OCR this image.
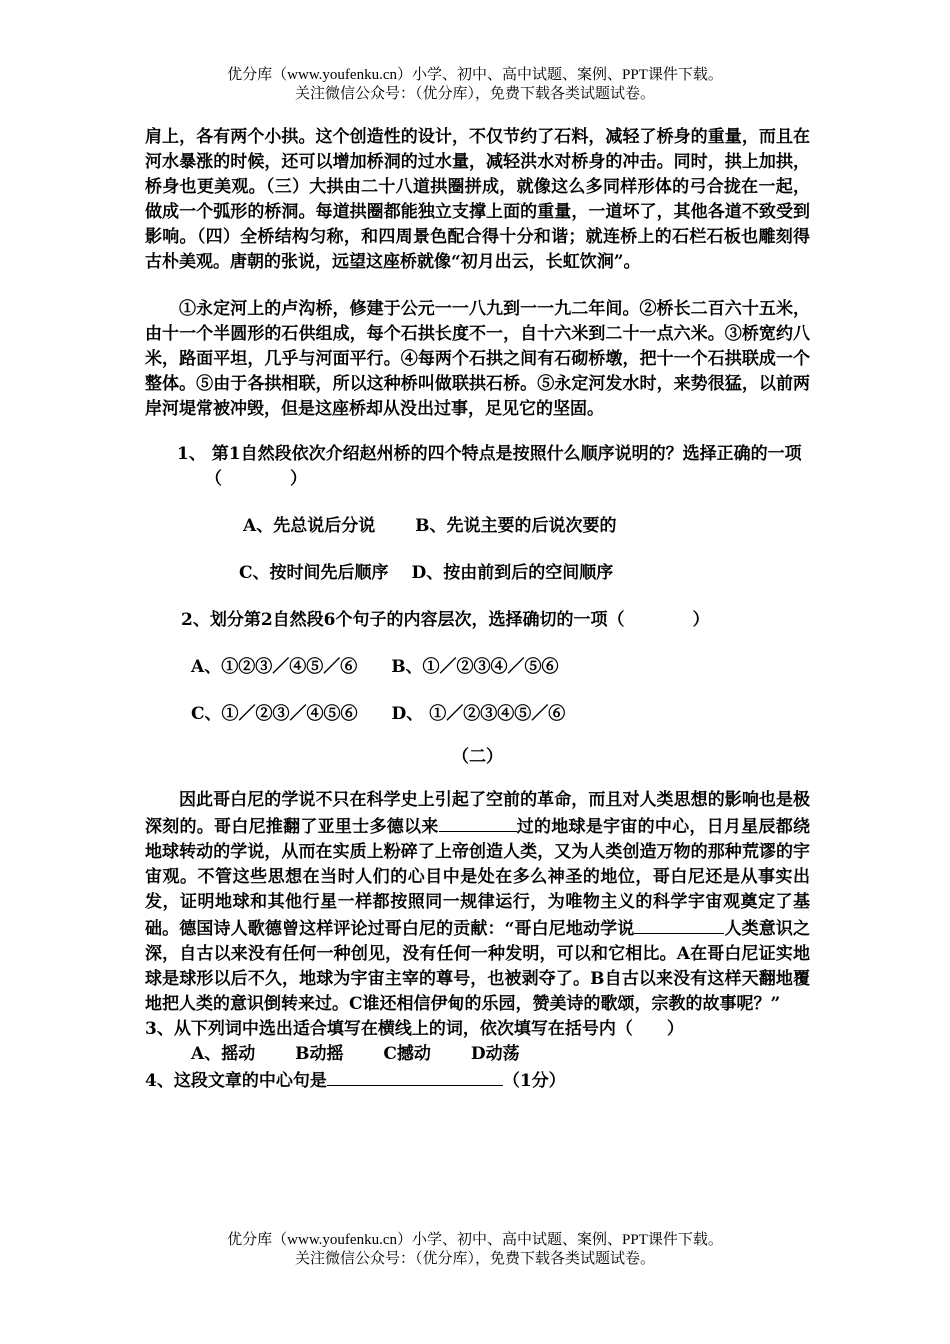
优分库（www.youfenku.cn）小学、初中、高中试题、案例、PPT课件下载。
关注微信公众号：（优分库），免费下载各类试题试卷。

肩上，各有两个小拱。这个创造性的设计，不仅节约了石料，减轻了桥身的重量，而且在河水暴涨的时候，还可以增加桥洞的过水量，减轻洪水对桥身的冲击。同时，拱上加拱，桥身也更美观。（三）大拱由二十八道拱圈拼成，就像这么多同样形体的弓合拢在一起，做成一个弧形的桥洞。每道拱圈都能独立支撑上面的重量，一道坏了，其他各道不致受到影响。（四）全桥结构匀称，和四周景色配合得十分和谐；就连桥上的石栏石板也雕刻得古朴美观。唐朝的张说，远望这座桥就像“初月出云，长虹饮涧”。

①永定河上的卢沟桥，修建于公元一一八九到一一九二年间。②桥长二百六十五米，由十一个半圆形的石供组成，每个石拱长度不一，自十六米到二十一点六米。③桥宽约八米，路面平坦，几乎与河面平行。④每两个石拱之间有石砌桥墩，把十一个石拱联成一个整体。⑤由于各拱相联，所以这种桥叫做联拱石桥。⑤永定河发水时，来势很猛，以前两岸河堤常被冲毁，但是这座桥却从没出过事，足见它的坚固。

1、 第1自然段依次介绍赵州桥的四个特点是按照什么顺序说明的？选择正确的一项（　　　　）

A、先总说后分说　　 B、先说主要的后说次要的
C、按时间先后顺序　 D、按由前到后的空间顺序
2、划分第2自然段6个句子的内容层次，选择确切的一项（　　　　）
A、①②③／④⑤／⑥　　B、①／②③④／⑤⑥
C、①／②③／④⑤⑥　　D、 ①／②③④⑤／⑥
（二）

因此哥白尼的学说不只在科学史上引起了空前的革命，而且对人类思想的影响也是极深刻的。哥白尼推翻了亚里士多德以来	过的地球是宇宙的中心，日月星辰都绕地球转动的学说，从而在实质上粉碎了上帝创造人类，又为人类创造万物的那种荒谬的宇宙观。不管这些思想在当时人们的心目中是处在多么神圣的地位，哥白尼还是从事实出发，证明地球和其他行星一样都按照同一规律运行，为唯物主义的科学宇宙观奠定了基础。德国诗人歌德曾这样评论过哥白尼的贡献：“哥白尼地动学说	人类意识之深，自古以来没有任何一种创见，没有任何一种发明，可以和它相比。A在哥白尼证实地球是球形以后不久，地球为宇宙主宰的尊号，也被剥夺了。B自古以来没有这样天翻地覆地把人类的意识倒转来过。C谁还相信伊甸的乐园，赞美诗的歌颂，宗教的故事呢？”

3、从下列词中选出适合填写在横线上的词，依次填写在括号内（　　）
A、摇动　　 B动摇　　 C撼动　　 D动荡
4、这段文章的中心句是	（1分）
优分库（www.youfenku.cn）小学、初中、高中试题、案例、PPT课件下载。
关注微信公众号：（优分库），免费下载各类试题试卷。
